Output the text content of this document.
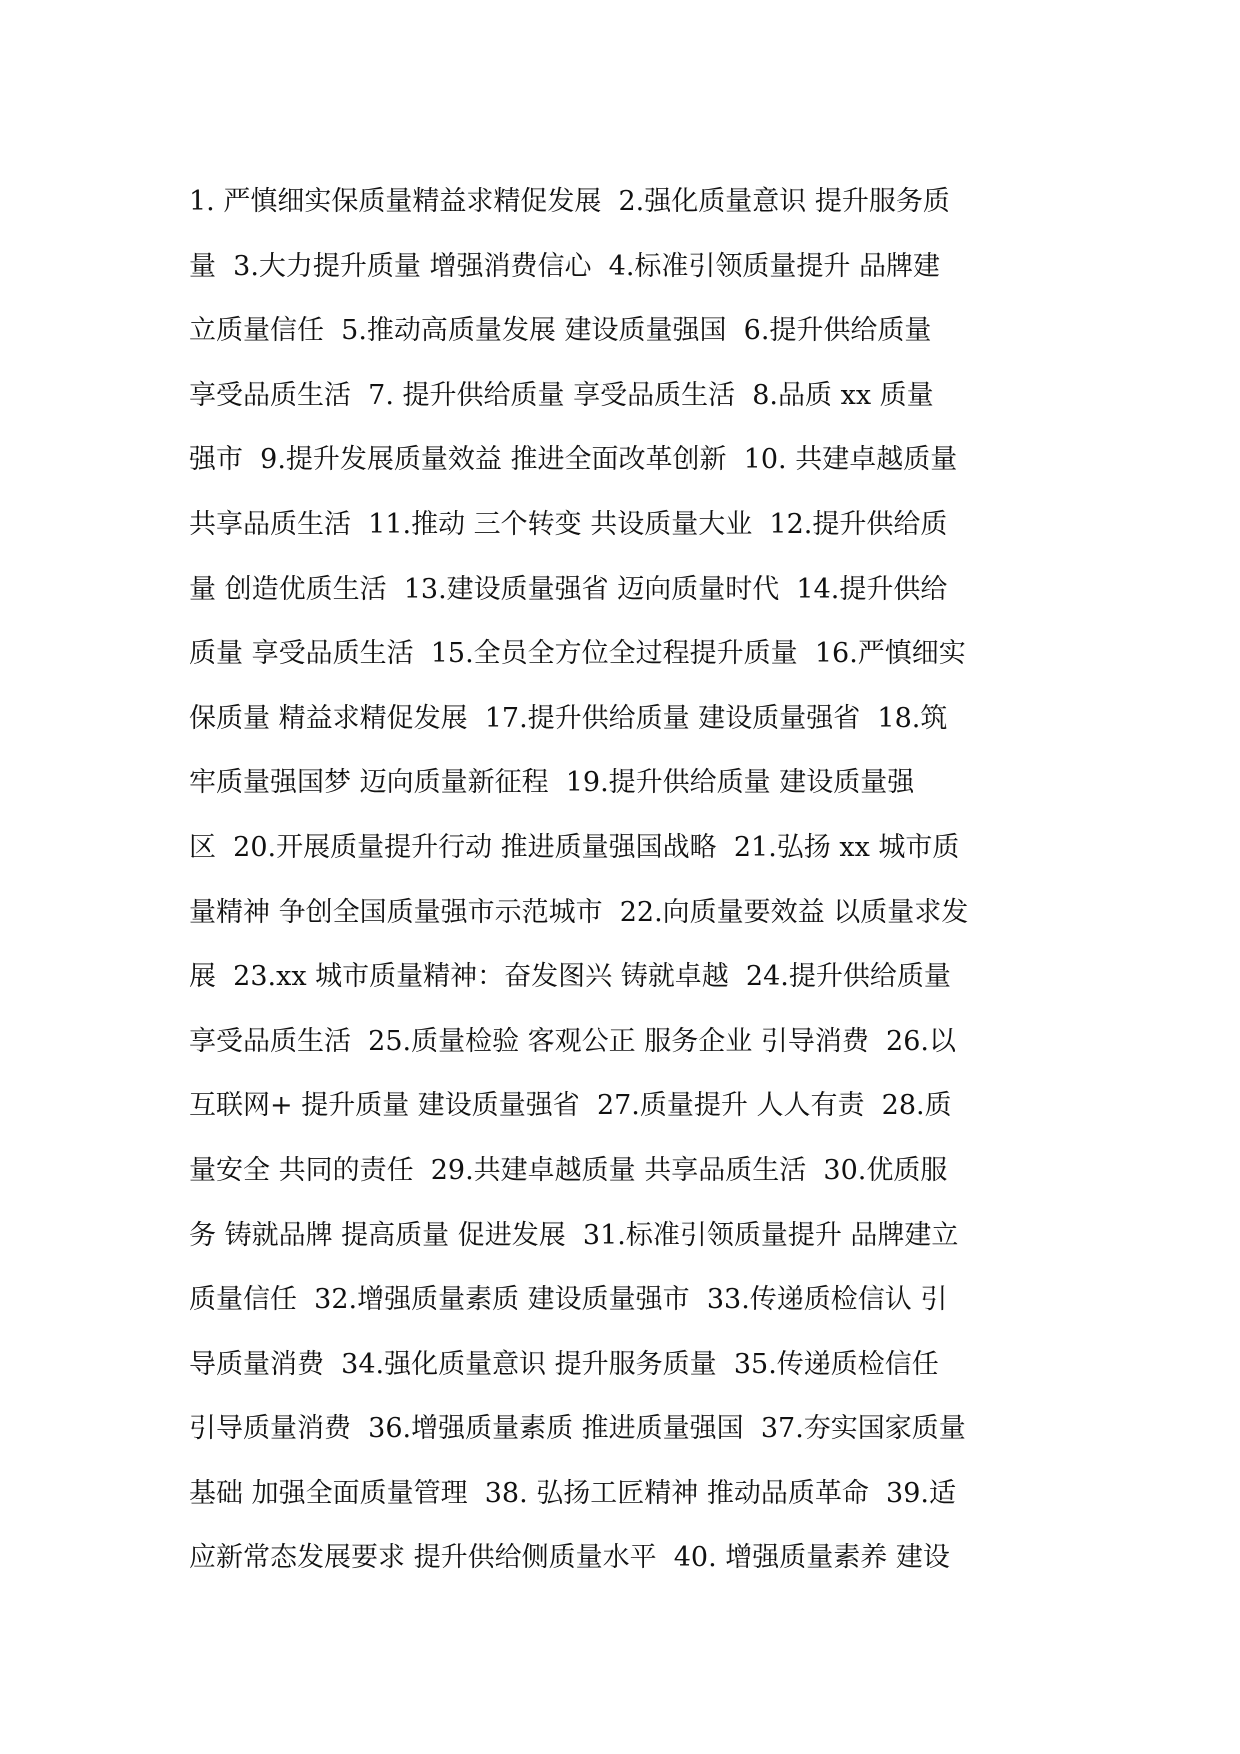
1. 严慎细实保质量精益求精促发展  2.强化质量意识 提升服务质
量  3.大力提升质量 增强消费信心  4.标准引领质量提升 品牌建
立质量信任  5.推动高质量发展 建设质量强国  6.提升供给质量
享受品质生活  7. 提升供给质量 享受品质生活  8.品质 xx 质量
强市  9.提升发展质量效益 推进全面改革创新  10. 共建卓越质量
共享品质生活  11.推动 三个转变 共设质量大业  12.提升供给质
量 创造优质生活  13.建设质量强省 迈向质量时代  14.提升供给
质量 享受品质生活  15.全员全方位全过程提升质量  16.严慎细实
保质量 精益求精促发展  17.提升供给质量 建设质量强省  18.筑
牢质量强国梦 迈向质量新征程  19.提升供给质量 建设质量强
区  20.开展质量提升行动 推进质量强国战略  21.弘扬 xx 城市质
量精神 争创全国质量强市示范城市  22.向质量要效益 以质量求发
展  23.xx 城市质量精神：奋发图兴 铸就卓越  24.提升供给质量
享受品质生活  25.质量检验 客观公正 服务企业 引导消费  26.以
互联网+ 提升质量 建设质量强省  27.质量提升 人人有责  28.质
量安全 共同的责任  29.共建卓越质量 共享品质生活  30.优质服
务 铸就品牌 提高质量 促进发展  31.标准引领质量提升 品牌建立
质量信任  32.增强质量素质 建设质量强市  33.传递质检信认 引
导质量消费  34.强化质量意识 提升服务质量  35.传递质检信任
引导质量消费  36.增强质量素质 推进质量强国  37.夯实国家质量
基础 加强全面质量管理  38. 弘扬工匠精神 推动品质革命  39.适
应新常态发展要求 提升供给侧质量水平  40. 增强质量素养 建设
